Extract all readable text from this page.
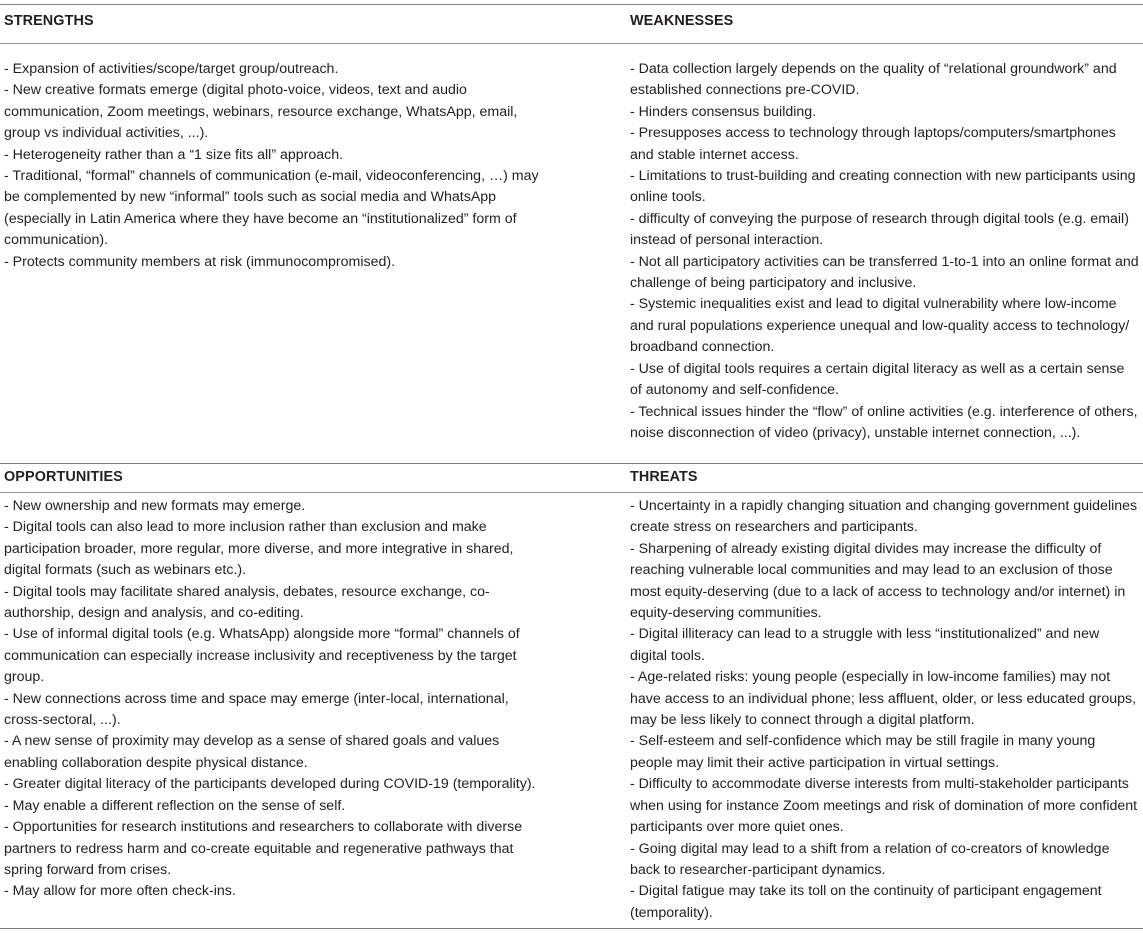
STRENGTHS	WEAKNESSES
OPPORTUNITIES	THREATS

- Expansion of activities/scope/target group/outreach.

- New creative formats emerge (digital photo-voice, videos, text and audio communication, Zoom meetings, webinars, resource exchange, WhatsApp, email, group vs individual activities, ...).

- Heterogeneity rather than a “1 size fits all” approach.

- Traditional, “formal” channels of communication (e-mail, videoconferencing, …) may be complemented by new “informal” tools such as social media and WhatsApp (especially in Latin America where they have become an “institutionalized” form of communication).

- Protects community members at risk (immunocompromised).

- Data collection largely depends on the quality of “relational groundwork” and established connections pre-COVID.

- Hinders consensus building.

- Presupposes access to technology through laptops/computers/smartphones and stable internet access.

- Limitations to trust-building and creating connection with new participants using online tools.

- difficulty of conveying the purpose of research through digital tools (e.g. email) instead of personal interaction.

- Not all participatory activities can be transferred 1-to-1 into an online format and challenge of being participatory and inclusive.

- Systemic inequalities exist and lead to digital vulnerability where low-income and rural populations experience unequal and low-quality access to technology/ broadband connection.

- Use of digital tools requires a certain digital literacy as well as a certain sense of autonomy and self-confidence.

- Technical issues hinder the “flow” of online activities (e.g. interference of others, noise disconnection of video (privacy), unstable internet connection, ...).

- New ownership and new formats may emerge.

- Digital tools can also lead to more inclusion rather than exclusion and make participation broader, more regular, more diverse, and more integrative in shared, digital formats (such as webinars etc.).

- Digital tools may facilitate shared analysis, debates, resource exchange, co-authorship, design and analysis, and co-editing.

- Use of informal digital tools (e.g. WhatsApp) alongside more “formal” channels of communication can especially increase inclusivity and receptiveness by the target group.

- New connections across time and space may emerge (inter-local, international, cross-sectoral, ...).

- A new sense of proximity may develop as a sense of shared goals and values enabling collaboration despite physical distance.

- Greater digital literacy of the participants developed during COVID-19 (temporality).

- May enable a different reflection on the sense of self.

- Opportunities for research institutions and researchers to collaborate with diverse partners to redress harm and co-create equitable and regenerative pathways that spring forward from crises.

- May allow for more often check-ins.

- Uncertainty in a rapidly changing situation and changing government guidelines create stress on researchers and participants.

- Sharpening of already existing digital divides may increase the difficulty of reaching vulnerable local communities and may lead to an exclusion of those most equity-deserving (due to a lack of access to technology and/or internet) in equity-deserving communities.

- Digital illiteracy can lead to a struggle with less “institutionalized” and new digital tools.

- Age-related risks: young people (especially in low-income families) may not have access to an individual phone; less affluent, older, or less educated groups, may be less likely to connect through a digital platform.

- Self-esteem and self-confidence which may be still fragile in many young people may limit their active participation in virtual settings.

- Difficulty to accommodate diverse interests from multi-stakeholder participants when using for instance Zoom meetings and risk of domination of more confident participants over more quiet ones.

- Going digital may lead to a shift from a relation of co-creators of knowledge back to researcher-participant dynamics.

- Digital fatigue may take its toll on the continuity of participant engagement (temporality).
